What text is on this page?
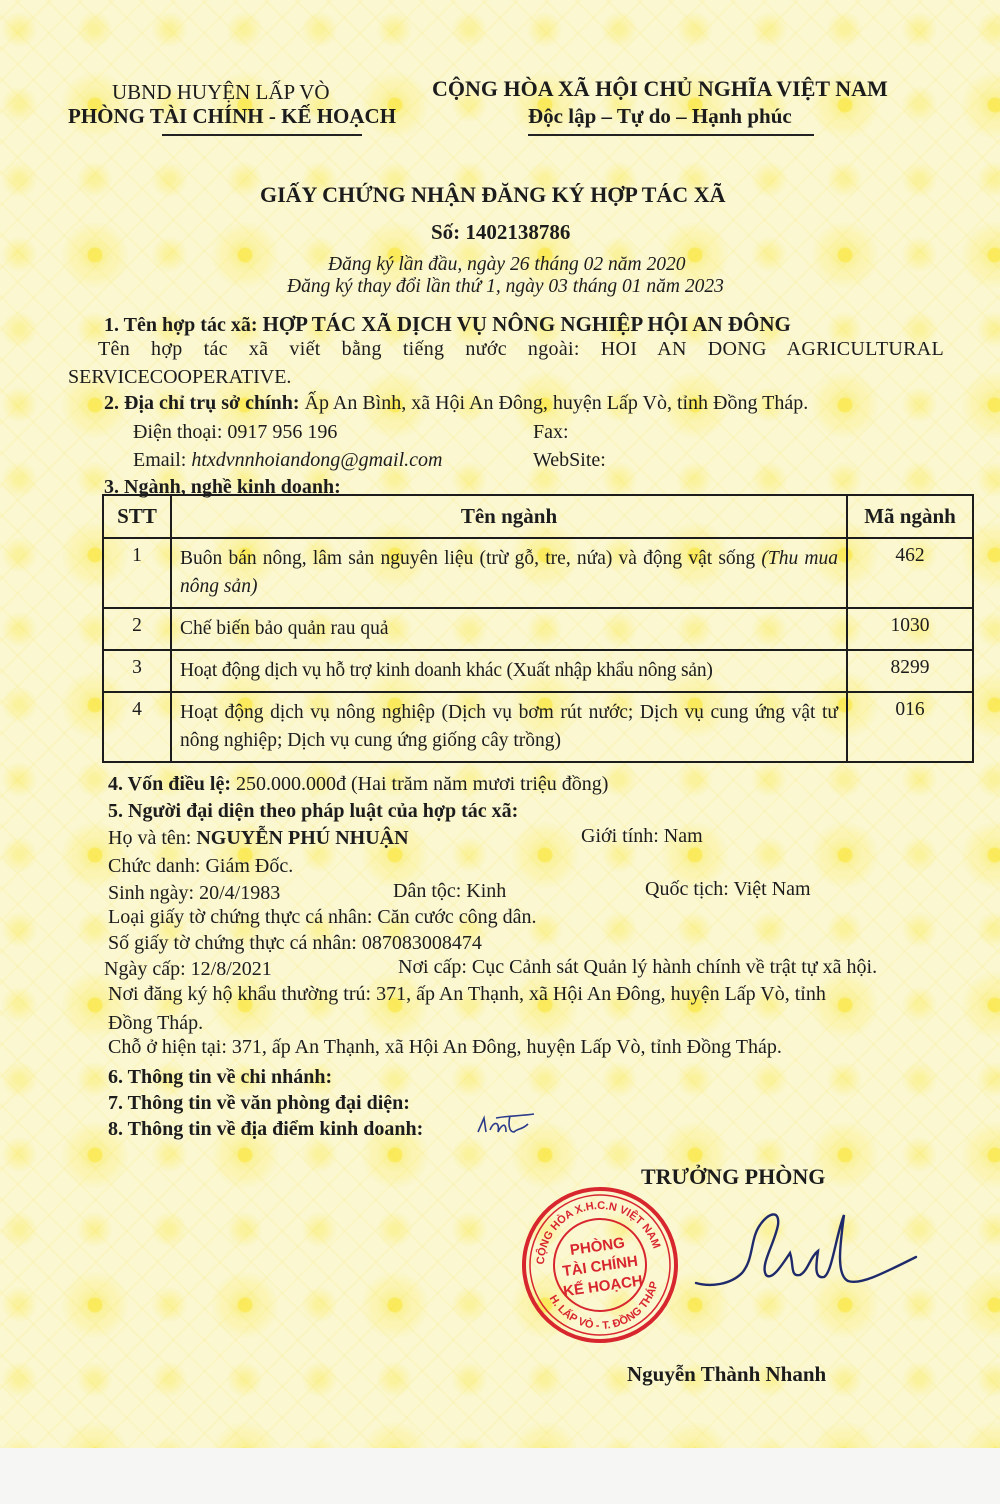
UBND HUYỆN LẤP VÒ
PHÒNG TÀI CHÍNH - KẾ HOẠCH
CỘNG HÒA XÃ HỘI CHỦ NGHĨA VIỆT NAM
Độc lập – Tự do – Hạnh phúc
GIẤY CHỨNG NHẬN ĐĂNG KÝ HỢP TÁC XÃ
Số: 1402138786
Đăng ký lần đầu, ngày 26 tháng 02 năm 2020
Đăng ký thay đổi lần thứ 1, ngày 03 tháng 01 năm 2023
1. Tên hợp tác xã: HỢP TÁC XÃ DỊCH VỤ NÔNG NGHIỆP HỘI AN ĐÔNG
Tên hợp tác xã viết bằng tiếng nước ngoài: HOI AN DONG AGRICULTURAL
SERVICECOOPERATIVE.
2. Địa chỉ trụ sở chính: Ấp An Bình, xã Hội An Đông, huyện Lấp Vò, tỉnh Đồng Tháp.
Điện thoại: 0917 956 196	Fax:
Email: htxdvnnhoiandong@gmail.com	WebSite:
3. Ngành, nghề kinh doanh:
STT	Tên ngành	Mã ngành
1	Buôn bán nông, lâm sản nguyên liệu (trừ gỗ, tre, nứa) và động vật sống (Thu mua nông sản)	462
2	Chế biến bảo quản rau quả	1030
3	Hoạt động dịch vụ hỗ trợ kinh doanh khác (Xuất nhập khẩu nông sản)	8299
4	Hoạt động dịch vụ nông nghiệp (Dịch vụ bơm rút nước; Dịch vụ cung ứng vật tư nông nghiệp; Dịch vụ cung ứng giống cây trồng)	016
4. Vốn điều lệ: 250.000.000đ (Hai trăm năm mươi triệu đồng)
5. Người đại diện theo pháp luật của hợp tác xã:
Họ và tên: NGUYỄN PHÚ NHUẬN	Giới tính: Nam
Chức danh: Giám Đốc.
Sinh ngày: 20/4/1983	Dân tộc: Kinh	Quốc tịch: Việt Nam
Loại giấy tờ chứng thực cá nhân: Căn cước công dân.
Số giấy tờ chứng thực cá nhân: 087083008474
Ngày cấp: 12/8/2021	Nơi cấp: Cục Cảnh sát Quản lý hành chính về trật tự xã hội.
Nơi đăng ký hộ khẩu thường trú: 371, ấp An Thạnh, xã Hội An Đông, huyện Lấp Vò, tỉnh
Đồng Tháp.
Chỗ ở hiện tại: 371, ấp An Thạnh, xã Hội An Đông, huyện Lấp Vò, tỉnh Đồng Tháp.
6. Thông tin về chi nhánh:
7. Thông tin về văn phòng đại diện:
8. Thông tin về địa điểm kinh doanh:
TRƯỞNG PHÒNG
CỘNG HÒA X.H.C.N VIỆT NAM
H. LẤP VÒ - T. ĐỒNG THÁP
PHÒNG
TÀI CHÍNH
KẾ HOẠCH
Nguyễn Thành Nhanh
